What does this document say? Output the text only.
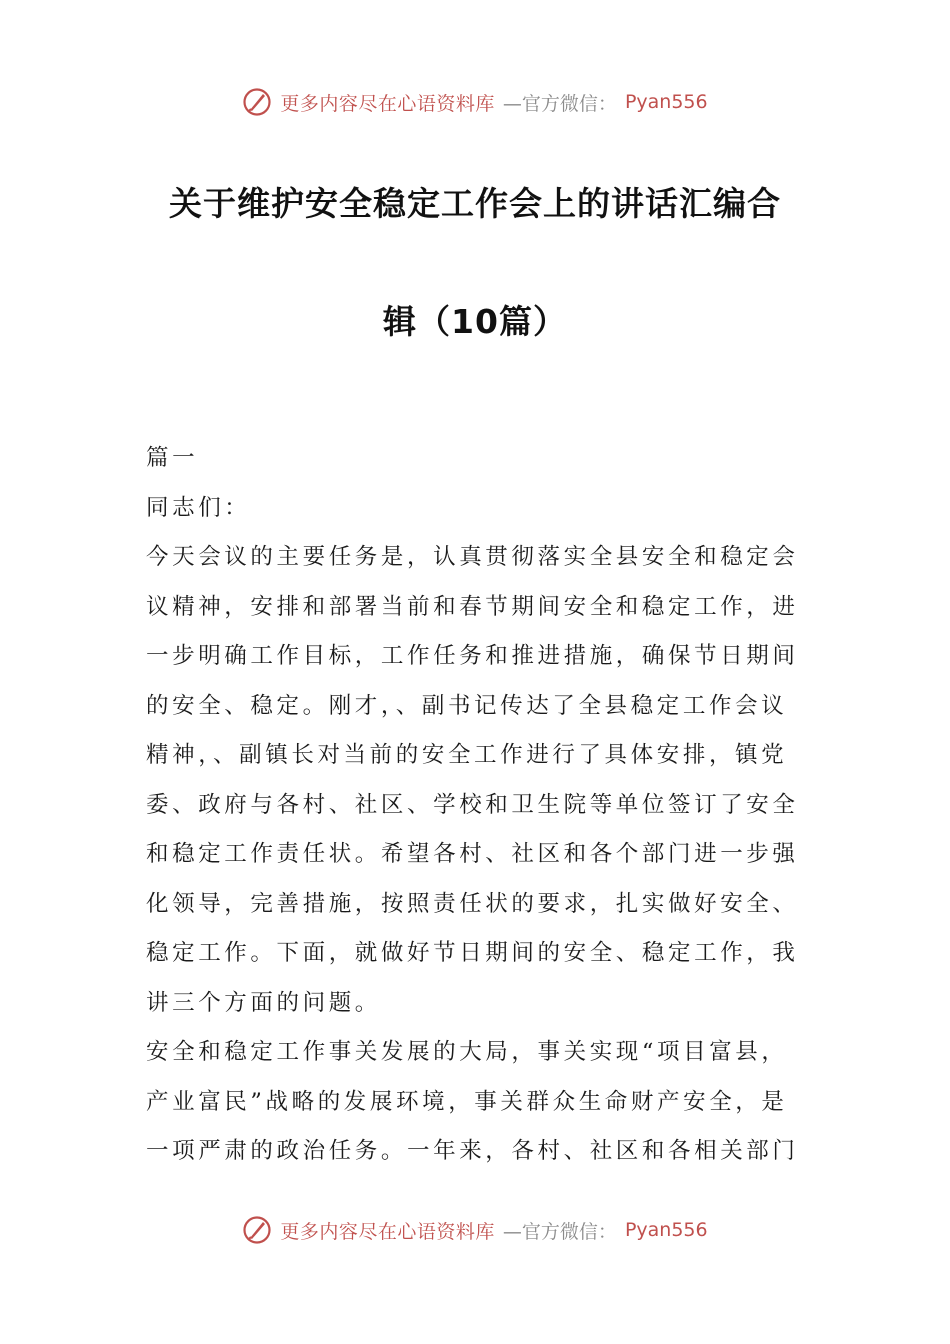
更多内容尽在心语资料库 —官方微信： Pyan556
关于维护安全稳定工作会上的讲话汇编合
辑（10篇）
篇一
同志们：
今天会议的主要任务是，认真贯彻落实全县安全和稳定会
议精神，安排和部署当前和春节期间安全和稳定工作，进
一步明确工作目标，工作任务和推进措施，确保节日期间
的安全、稳定。刚才，、副书记传达了全县稳定工作会议
精神，、副镇长对当前的安全工作进行了具体安排，镇党
委、政府与各村、社区、学校和卫生院等单位签订了安全
和稳定工作责任状。希望各村、社区和各个部门进一步强
化领导，完善措施，按照责任状的要求，扎实做好安全、
稳定工作。下面，就做好节日期间的安全、稳定工作，我
讲三个方面的问题。
安全和稳定工作事关发展的大局，事关实现“项目富县，
产业富民”战略的发展环境，事关群众生命财产安全，是
一项严肃的政治任务。一年来，各村、社区和各相关部门
更多内容尽在心语资料库 —官方微信： Pyan556
